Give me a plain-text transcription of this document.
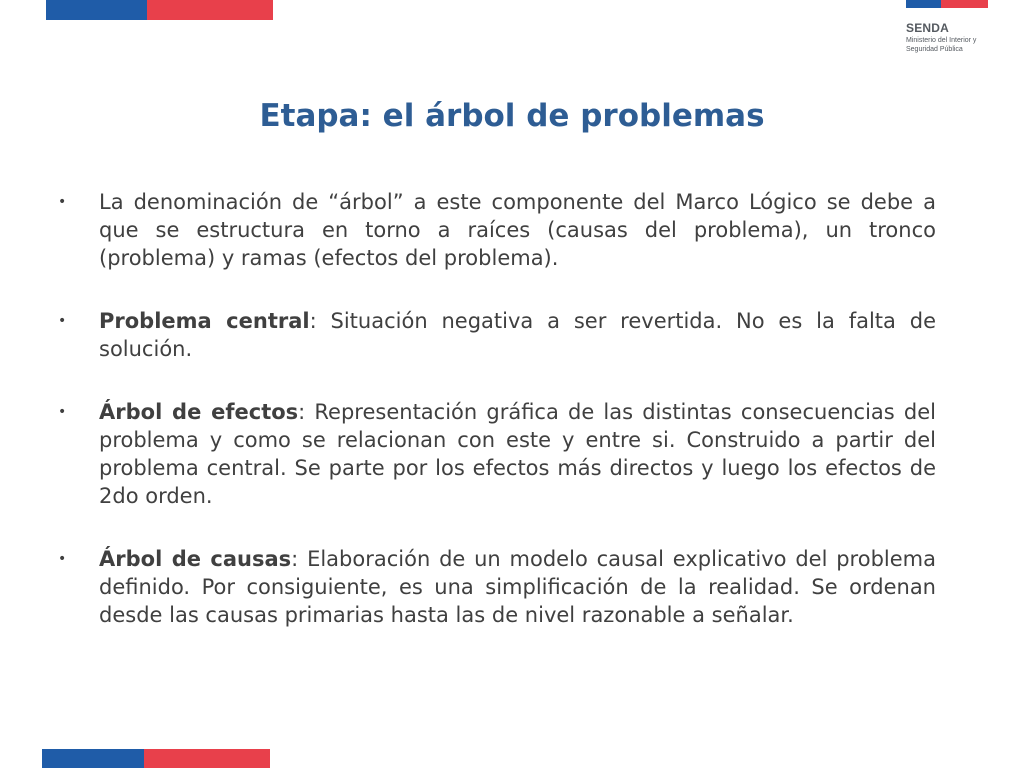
SENDA
Ministerio del Interior y
Seguridad Pública
Etapa: el árbol de problemas
• La denominación de “árbol” a este componente del Marco Lógico se debe a que se estructura en torno a raíces (causas del problema), un tronco (problema) y ramas (efectos del problema).
• Problema central: Situación negativa a ser revertida. No es la falta de solución.
• Árbol de efectos: Representación gráfica de las distintas consecuencias del problema y como se relacionan con este y entre si. Construido a partir del problema central. Se parte por los efectos más directos y luego los efectos de 2do orden.
• Árbol de causas: Elaboración de un modelo causal explicativo del problema definido. Por consiguiente, es una simplificación de la realidad. Se ordenan desde las causas primarias hasta las de nivel razonable a señalar.
